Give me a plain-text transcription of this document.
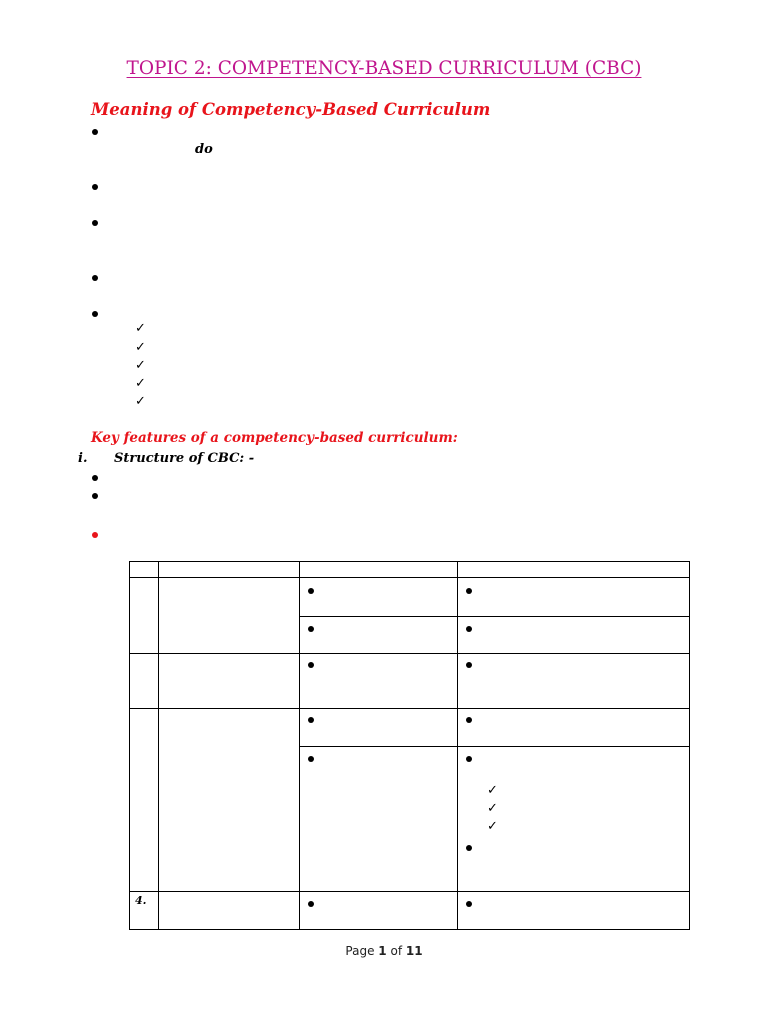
TOPIC 2: COMPETENCY-BASED CURRICULUM (CBC)
Meaning of Competency-Based Curriculum
do
✓
✓
✓
✓
✓
Key features of a competency-based curriculum:
i. Structure of CBC: -
✓
✓
✓
4.
Page 1 of 11
